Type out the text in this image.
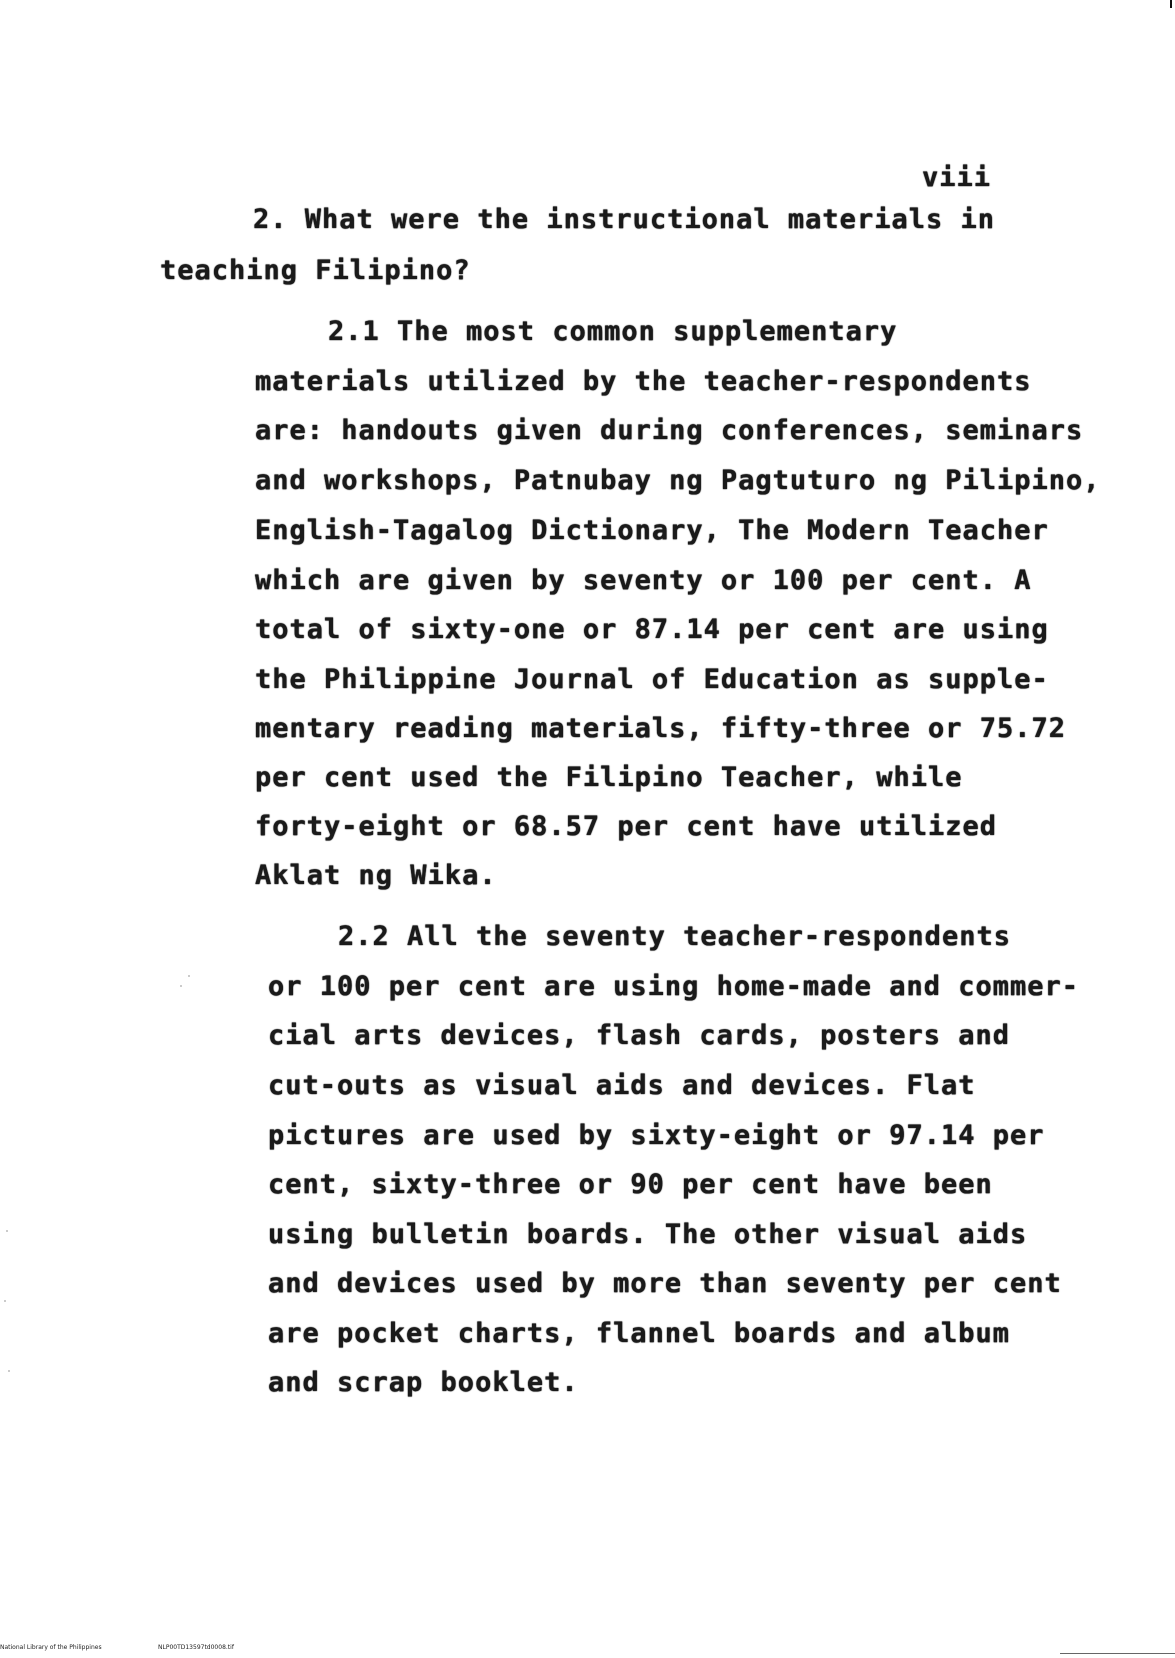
viii
2. What were the instructional materials in
teaching Filipino?
2.1 The most common supplementary
materials utilized by the teacher-respondents
are: handouts given during conferences, seminars
and workshops, Patnubay ng Pagtuturo ng Pilipino,
English-Tagalog Dictionary, The Modern Teacher
which are given by seventy or 100 per cent. A
total of sixty-one or 87.14 per cent are using
the Philippine Journal of Education as supple-
mentary reading materials, fifty-three or 75.72
per cent used the Filipino Teacher, while
forty-eight or 68.57 per cent have utilized
Aklat ng Wika.
2.2 All the seventy teacher-respondents
or 100 per cent are using home-made and commer-
cial arts devices, flash cards, posters and
cut-outs as visual aids and devices. Flat
pictures are used by sixty-eight or 97.14 per
cent, sixty-three or 90 per cent have been
using bulletin boards. The other visual aids
and devices used by more than seventy per cent
are pocket charts, flannel boards and album
and scrap booklet.
National Library of the Philippines	NLP00TD13597td0008.tif
